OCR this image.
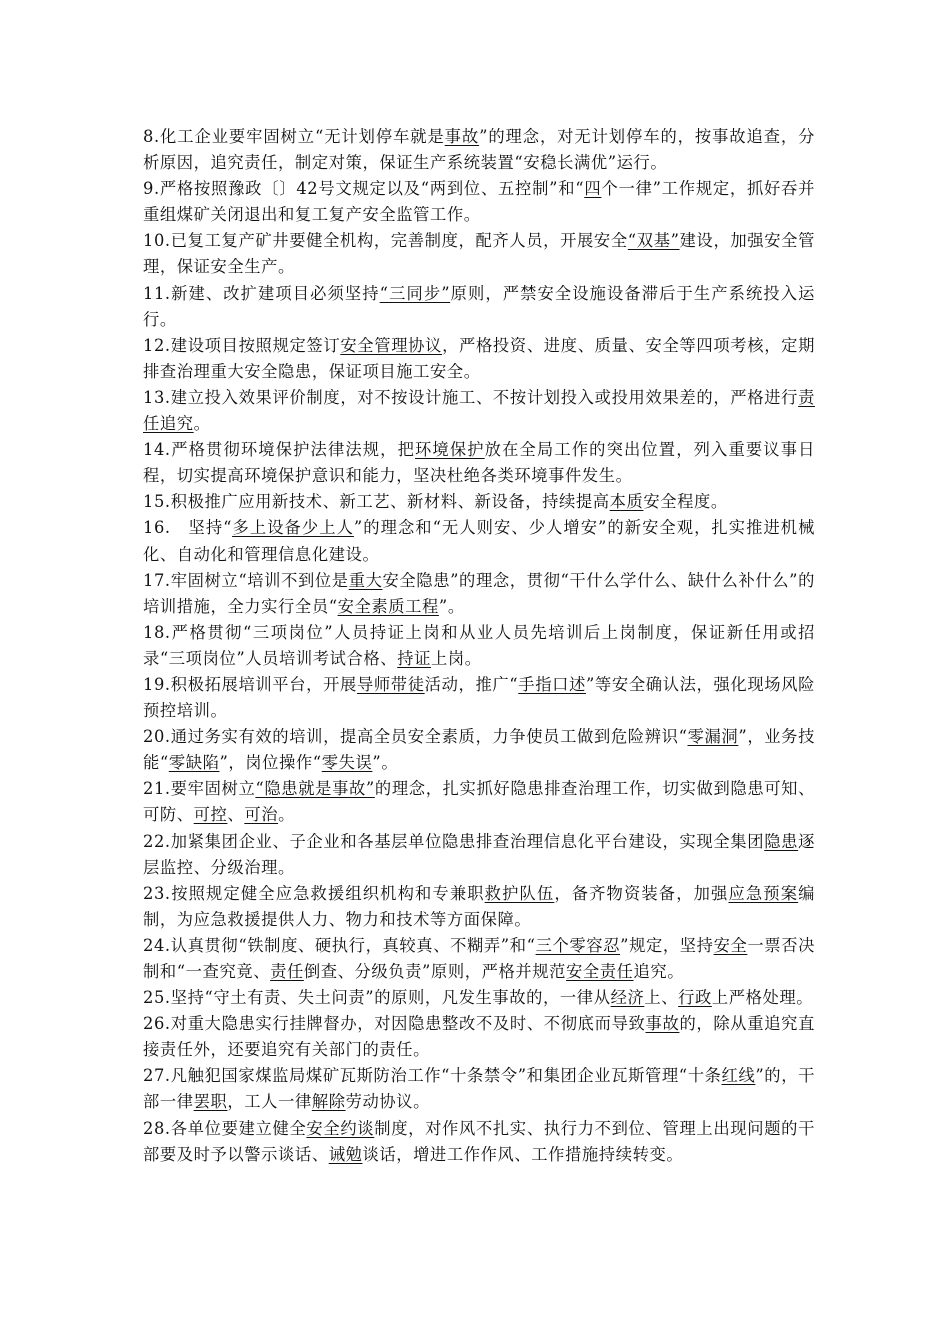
8.化工企业要牢固树立“无计划停车就是事故”的理念，对无计划停车的，按事故追查，分析原因，追究责任，制定对策，保证生产系统装置“安稳长满优”运行。

9.严格按照豫政〔〕42号文规定以及“两到位、五控制”和“四个一律”工作规定，抓好吞并重组煤矿关闭退出和复工复产安全监管工作。

10.已复工复产矿井要健全机构，完善制度，配齐人员，开展安全“双基”建设，加强安全管理，保证安全生产。

11.新建、改扩建项目必须坚持“三同步”原则，严禁安全设施设备滞后于生产系统投入运行。

12.建设项目按照规定签订安全管理协议，严格投资、进度、质量、安全等四项考核，定期排查治理重大安全隐患，保证项目施工安全。

13.建立投入效果评价制度，对不按设计施工、不按计划投入或投用效果差的，严格进行责任追究。

14.严格贯彻环境保护法律法规，把环境保护放在全局工作的突出位置，列入重要议事日程，切实提高环境保护意识和能力，坚决杜绝各类环境事件发生。

15.积极推广应用新技术、新工艺、新材料、新设备，持续提高本质安全程度。

16.　坚持“多上设备少上人”的理念和“无人则安、少人增安”的新安全观，扎实推进机械化、自动化和管理信息化建设。

17.牢固树立“培训不到位是重大安全隐患”的理念，贯彻“干什么学什么、缺什么补什么”的培训措施，全力实行全员“安全素质工程”。

18.严格贯彻“三项岗位”人员持证上岗和从业人员先培训后上岗制度，保证新任用或招录“三项岗位”人员培训考试合格、持证上岗。

19.积极拓展培训平台，开展导师带徒活动，推广“手指口述”等安全确认法，强化现场风险预控培训。

20.通过务实有效的培训，提高全员安全素质，力争使员工做到危险辨识“零漏洞”，业务技能“零缺陷”，岗位操作“零失误”。

21.要牢固树立“隐患就是事故”的理念，扎实抓好隐患排查治理工作，切实做到隐患可知、可防、可控、可治。

22.加紧集团企业、子企业和各基层单位隐患排查治理信息化平台建设，实现全集团隐患逐层监控、分级治理。

23.按照规定健全应急救援组织机构和专兼职救护队伍，备齐物资装备，加强应急预案编制，为应急救援提供人力、物力和技术等方面保障。

24.认真贯彻“铁制度、硬执行，真较真、不糊弄”和“三个零容忍”规定，坚持安全一票否决制和“一查究竟、责任倒查、分级负责”原则，严格并规范安全责任追究。

25.坚持“守土有责、失土问责”的原则，凡发生事故的，一律从经济上、行政上严格处理。

26.对重大隐患实行挂牌督办，对因隐患整改不及时、不彻底而导致事故的，除从重追究直接责任外，还要追究有关部门的责任。

27.凡触犯国家煤监局煤矿瓦斯防治工作“十条禁令”和集团企业瓦斯管理“十条红线”的，干部一律罢职，工人一律解除劳动协议。

28.各单位要建立健全安全约谈制度，对作风不扎实、执行力不到位、管理上出现问题的干部要及时予以警示谈话、诫勉谈话，增进工作作风、工作措施持续转变。
